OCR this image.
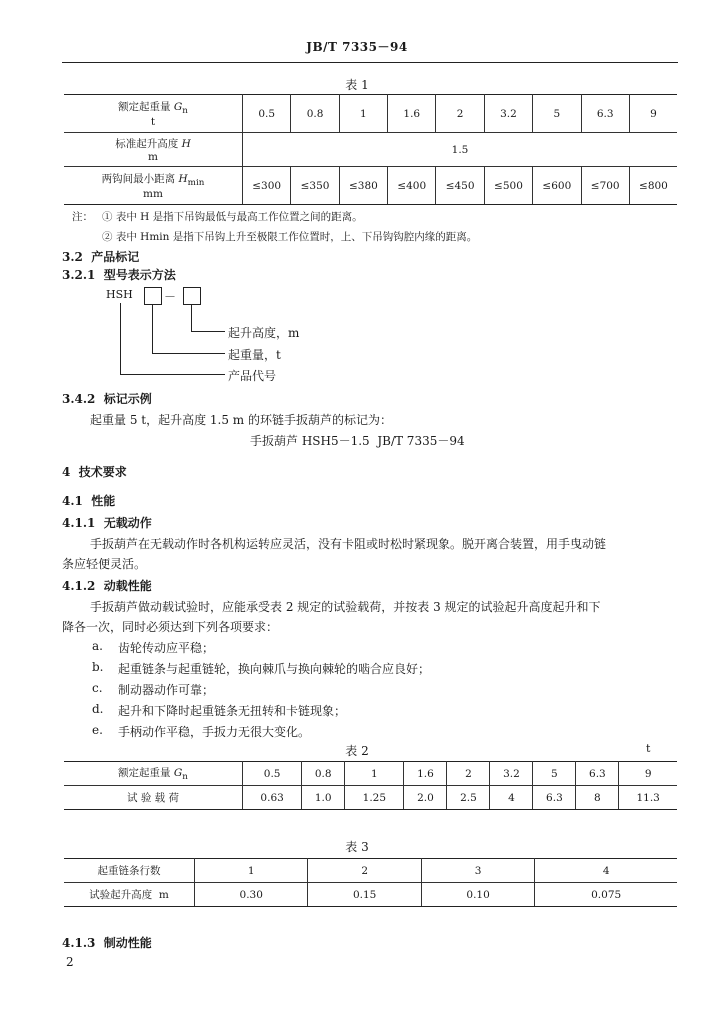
JB/T 7335－94
表 1
额定起重量 $G_n$
t	0.5	0.8	1	1.6	2	3.2	5	6.3	9
标准起升高度 H
m	1.5								
两钩间最小距离 $H_{min}$
mm	≤300	≤350	≤380	≤400	≤450	≤500	≤600	≤700	≤800
注： ① 表中 H 是指下吊钩最低与最高工作位置之间的距离。
② 表中 Hmin 是指下吊钩上升至极限工作位置时，上、下吊钩钩腔内缘的距离。
3.2  产品标记
3.2.1  型号表示方法
HSH	－
起升高度，m
起重量，t
产品代号
3.4.2  标记示例
起重量 5 t，起升高度 1.5 m 的环链手扳葫芦的标记为：
手扳葫芦 HSH5－1.5  JB/T 7335－94
4  技术要求
4.1  性能
4.1.1  无载动作
手扳葫芦在无载动作时各机构运转应灵活，没有卡阻或时松时紧现象。脱开离合装置，用手曳动链
条应轻便灵活。
4.1.2  动载性能
手扳葫芦做动载试验时，应能承受表 2 规定的试验载荷，并按表 3 规定的试验起升高度起升和下
降各一次，同时必须达到下列各项要求：
a. 齿轮传动应平稳；
b. 起重链条与起重链轮，换向棘爪与换向棘轮的啮合应良好；
c. 制动器动作可靠；
d. 起升和下降时起重链条无扭转和卡链现象；
e. 手柄动作平稳，手扳力无很大变化。
表 2	t
额定起重量 $G_n$	0.5	0.8	1	1.6	2	3.2	5	6.3	9
试 验 载 荷	0.63	1.0	1.25	2.0	2.5	4	6.3	8	11.3
表 3
起重链条行数	1	2	3	4
试验起升高度  m	0.30	0.15	0.10	0.075
4.1.3  制动性能
2
